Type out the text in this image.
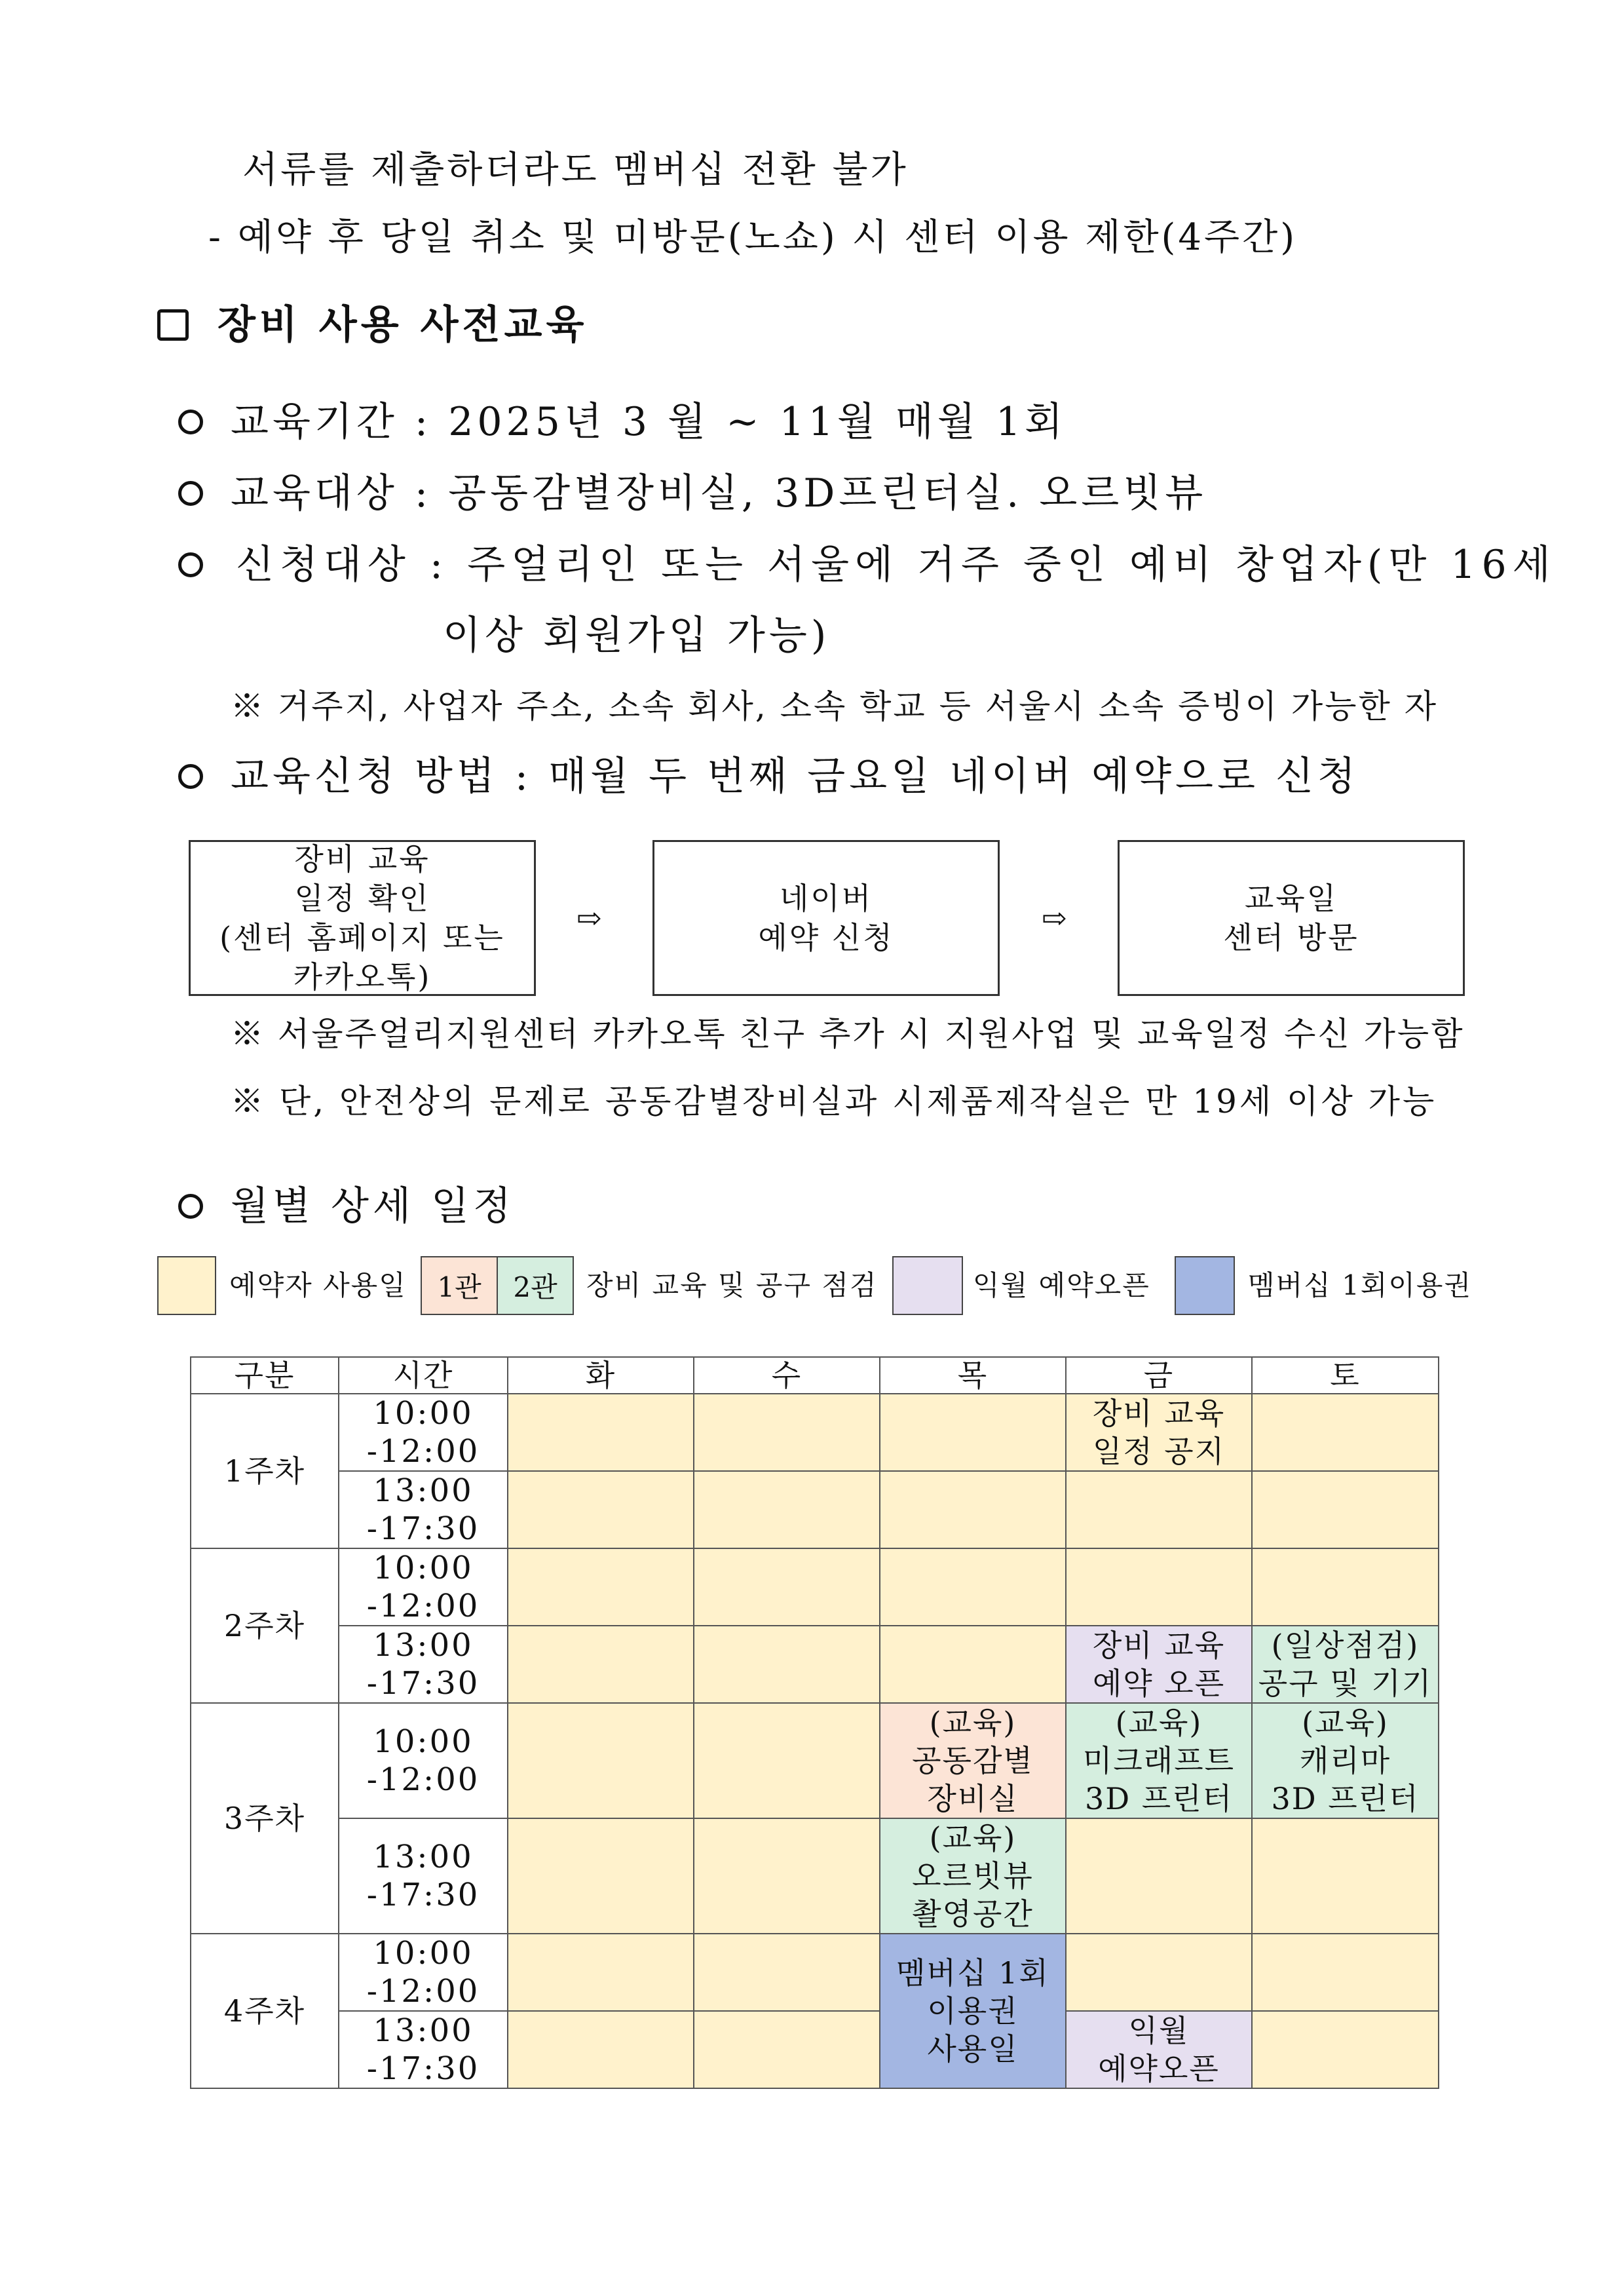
서류를 제출하더라도 멤버십 전환 불가
- 예약 후 당일 취소 및 미방문(노쇼) 시 센터 이용 제한(4주간)
장비 사용 사전교육
교육기간 : 2025년 3 월 ~ 11월 매월 1회
교육대상 : 공동감별장비실, 3D프린터실. 오르빗뷰
신청대상 : 주얼리인 또는 서울에 거주 중인 예비 창업자(만 16세
이상 회원가입 가능)
※ 거주지, 사업자 주소, 소속 회사, 소속 학교 등 서울시 소속 증빙이 가능한 자
교육신청 방법 : 매월 두 번째 금요일 네이버 예약으로 신청
장비 교육
일정 확인
(센터 홈페이지 또는
카카오톡)
⇨
네이버
예약 신청
⇨
교육일
센터 방문
※ 서울주얼리지원센터 카카오톡 친구 추가 시 지원사업 및 교육일정 수신 가능함
※ 단, 안전상의 문제로 공동감별장비실과 시제품제작실은 만 19세 이상 가능
월별 상세 일정
예약자 사용일 1관 2관 장비 교육 및 공구 점검	익월 예약오픈	멤버십 1회이용권
구분	시간	화	수	목	금	토
1주차	10:00
-12:00				장비 교육
일정 공지	
	13:00
-17:30					
2주차	10:00
-12:00					
	13:00
-17:30				장비 교육
예약 오픈	(일상점검)
공구 및 기기
3주차	10:00
-12:00			(교육)
공동감별
장비실	(교육)
미크래프트
3D 프린터	(교육)
캐리마
3D 프린터
	13:00
-17:30			(교육)
오르빗뷰
촬영공간		
4주차	10:00
-12:00			멤버십 1회
이용권
사용일		
	13:00
-17:30				익월
예약오픈	
